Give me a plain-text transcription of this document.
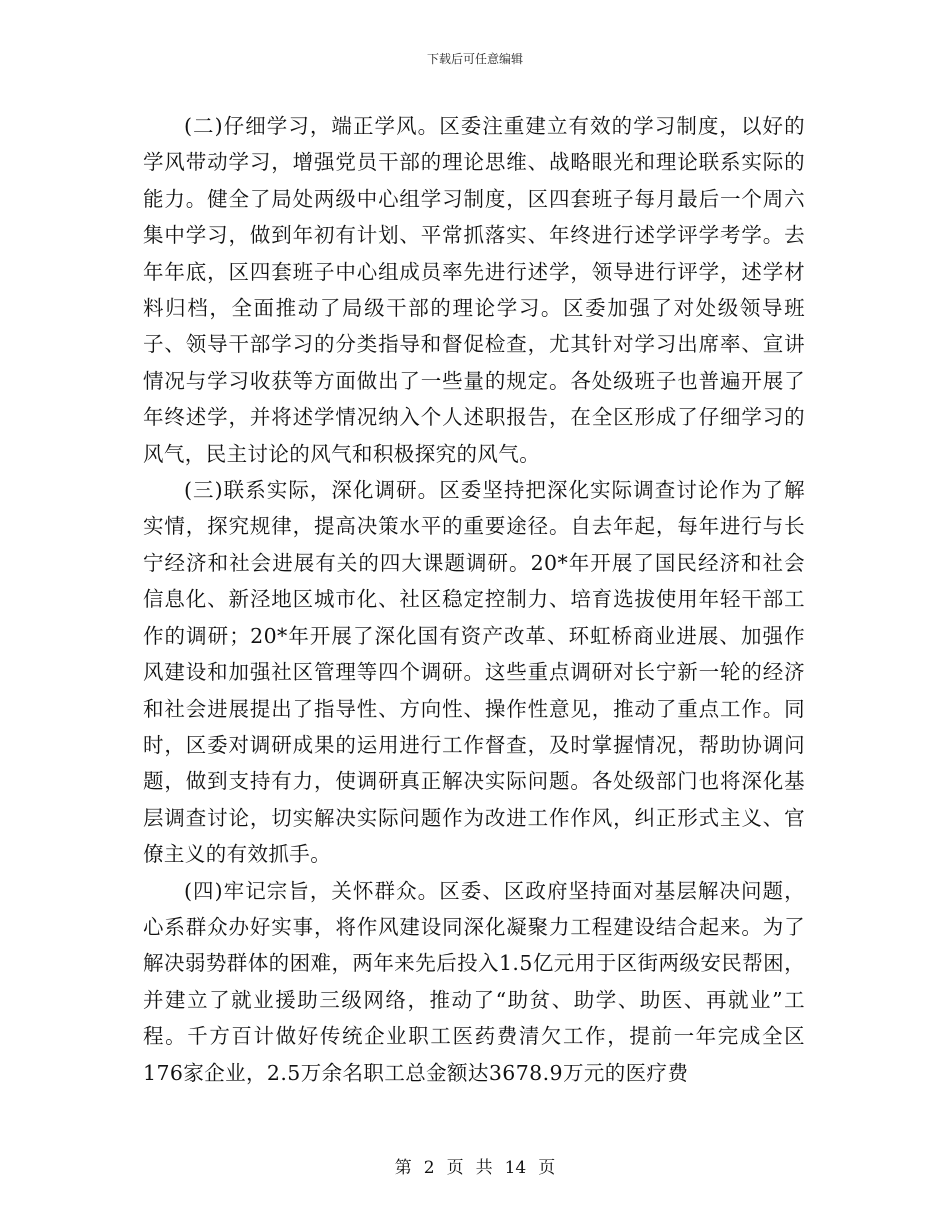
下载后可任意编辑

(二)仔细学习，端正学风。区委注重建立有效的学习制度，以好的学风带动学习，增强党员干部的理论思维、战略眼光和理论联系实际的能力。健全了局处两级中心组学习制度，区四套班子每月最后一个周六集中学习，做到年初有计划、平常抓落实、年终进行述学评学考学。去年年底，区四套班子中心组成员率先进行述学，领导进行评学，述学材料归档，全面推动了局级干部的理论学习。区委加强了对处级领导班子、领导干部学习的分类指导和督促检查，尤其针对学习出席率、宣讲情况与学习收获等方面做出了一些量的规定。各处级班子也普遍开展了年终述学，并将述学情况纳入个人述职报告，在全区形成了仔细学习的风气，民主讨论的风气和积极探究的风气。

(三)联系实际，深化调研。区委坚持把深化实际调查讨论作为了解实情，探究规律，提高决策水平的重要途径。自去年起，每年进行与长宁经济和社会进展有关的四大课题调研。20*年开展了国民经济和社会信息化、新泾地区城市化、社区稳定控制力、培育选拔使用年轻干部工作的调研；20*年开展了深化国有资产改革、环虹桥商业进展、加强作风建设和加强社区管理等四个调研。这些重点调研对长宁新一轮的经济和社会进展提出了指导性、方向性、操作性意见，推动了重点工作。同时，区委对调研成果的运用进行工作督查，及时掌握情况，帮助协调问题，做到支持有力，使调研真正解决实际问题。各处级部门也将深化基层调查讨论，切实解决实际问题作为改进工作作风，纠正形式主义、官僚主义的有效抓手。

(四)牢记宗旨，关怀群众。区委、区政府坚持面对基层解决问题，心系群众办好实事，将作风建设同深化凝聚力工程建设结合起来。为了解决弱势群体的困难，两年来先后投入1.5亿元用于区街两级安民帮困，并建立了就业援助三级网络，推动了“助贫、助学、助医、再就业”工程。千方百计做好传统企业职工医药费清欠工作，提前一年完成全区176家企业，2.5万余名职工总金额达3678.9万元的医疗费

第 2 页 共 14 页
